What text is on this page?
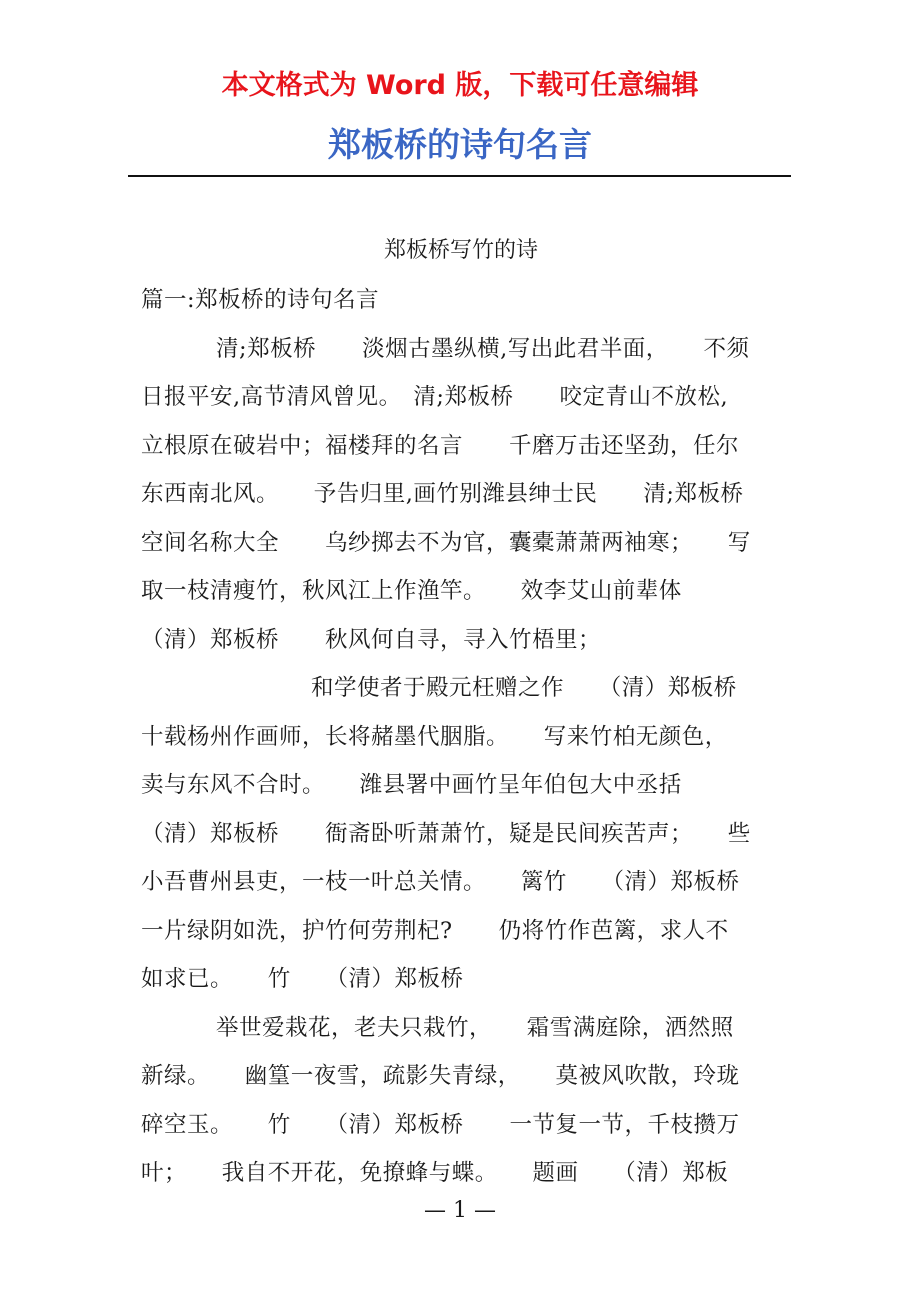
本文格式为 Word 版，下载可任意编辑
郑板桥的诗句名言
郑板桥写竹的诗
篇一:郑板桥的诗句名言
清;郑板桥　　淡烟古墨纵横,写出此君半面，　　不须
日报平安,高节清风曾见。　清;郑板桥　　咬定青山不放松,
立根原在破岩中；福楼拜的名言　　千磨万击还坚劲，任尔
东西南北风。　　予告归里,画竹别潍县绅士民　　清;郑板桥
空间名称大全　　乌纱掷去不为官，囊橐萧萧两袖寒；　　写
取一枝清瘦竹，秋风江上作渔竿。　　效李艾山前辈体
（清）郑板桥　　秋风何自寻，寻入竹梧里；
和学使者于殿元枉赠之作　　（清）郑板桥
十载杨州作画师，长将赭墨代胭脂。　　写来竹柏无颜色，
卖与东风不合时。　　潍县署中画竹呈年伯包大中丞括
（清）郑板桥　　衙斋卧听萧萧竹，疑是民间疾苦声；　　些
小吾曹州县吏，一枝一叶总关情。　　篱竹　　（清）郑板桥
一片绿阴如洗，护竹何劳荆杞?　　仍将竹作芭篱，求人不
如求已。　　竹　　（清）郑板桥
举世爱栽花，老夫只栽竹，　　霜雪满庭除，洒然照
新绿。　　幽篁一夜雪，疏影失青绿，　　莫被风吹散，玲珑
碎空玉。　　竹　　（清）郑板桥　　一节复一节，千枝攒万
叶；　　我自不开花，免撩蜂与蝶。　　题画　　（清）郑板
— 1 —
